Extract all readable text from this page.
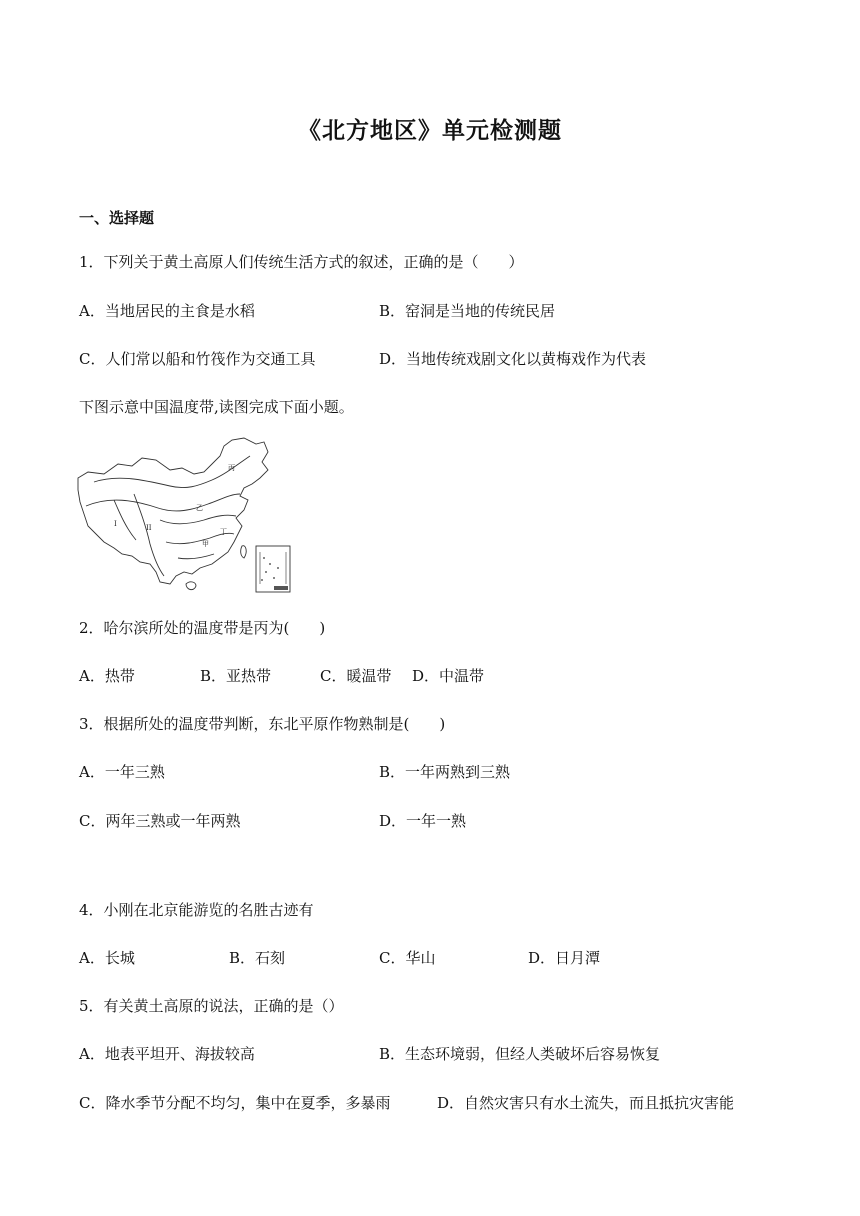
《北方地区》单元检测题
一、选择题
1．下列关于黄土高原人们传统生活方式的叙述，正确的是（　　）
A．当地居民的主食是水稻	B．窑洞是当地的传统民居
C．人们常以船和竹筏作为交通工具	D．当地传统戏剧文化以黄梅戏作为代表
下图示意中国温度带,读图完成下面小题。
丙
乙
甲
丁
I	II
2．哈尔滨所处的温度带是丙为(　　)
A．热带	B．亚热带	C．暖温带 D．中温带
3．根据所处的温度带判断，东北平原作物熟制是(　　)
A．一年三熟	B．一年两熟到三熟
C．两年三熟或一年两熟	D．一年一熟
4．小刚在北京能游览的名胜古迹有
A．长城	B．石刻	C．华山	D．日月潭
5．有关黄土高原的说法，正确的是（）
A．地表平坦开、海拔较高	B．生态环境弱，但经人类破坏后容易恢复
C．降水季节分配不均匀，集中在夏季，多暴雨	D．自然灾害只有水土流失，而且抵抗灾害能
